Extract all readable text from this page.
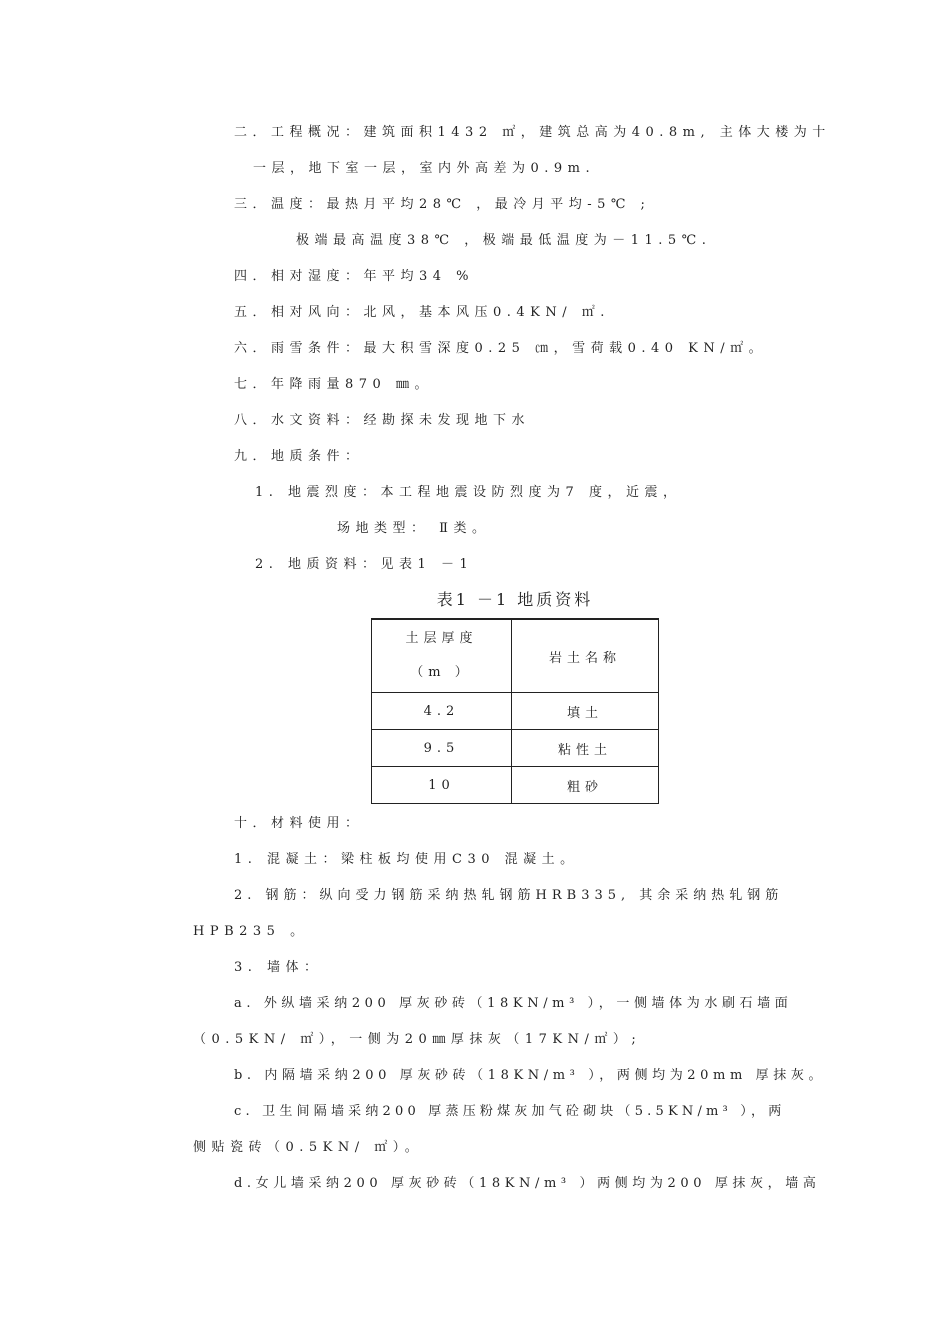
二．工程概况：建筑面积1432 ㎡，建筑总高为40.8m, 主体大楼为十
一层，地下室一层，室内外高差为0.9m.
三．温度：最热月平均28℃ ，最冷月平均-5℃ ;
极端最高温度38℃ ，极端最低温度为－11.5℃.
四．相对湿度：年平均34 %
五．相对风向：北风，基本风压0.4KN/ ㎡.
六．雨雪条件：最大积雪深度0.25 ㎝，雪荷载0.40 KN/㎡。
七．年降雨量870 ㎜。
八．水文资料：经勘探未发现地下水
九．地质条件：
1. 地震烈度：本工程地震设防烈度为7 度，近震，
场地类型： Ⅱ类。
2. 地质资料：见表1 －1
表1 －1 地质资料
土层厚度
（m ）	岩土名称
4.2	填土
9.5	粘性土
10	粗砂
十．材料使用：
1. 混凝土：梁柱板均使用C30 混凝土。
2. 钢筋：纵向受力钢筋采纳热轧钢筋HRB335, 其余采纳热轧钢筋
HPB235 。
3. 墙体：
a. 外纵墙采纳200 厚灰砂砖（18KN/m³ ），一侧墙体为水刷石墙面
（0.5KN/ ㎡），一侧为20㎜厚抹灰（17KN/㎡）;
b. 内隔墙采纳200 厚灰砂砖（18KN/m³ ），两侧均为20mm 厚抹灰。
c. 卫生间隔墙采纳200 厚蒸压粉煤灰加气砼砌块（5.5KN/m³ ），两
侧贴瓷砖（0.5KN/ ㎡）。
d.女儿墙采纳200 厚灰砂砖（18KN/m³ ）两侧均为200 厚抹灰，墙高
